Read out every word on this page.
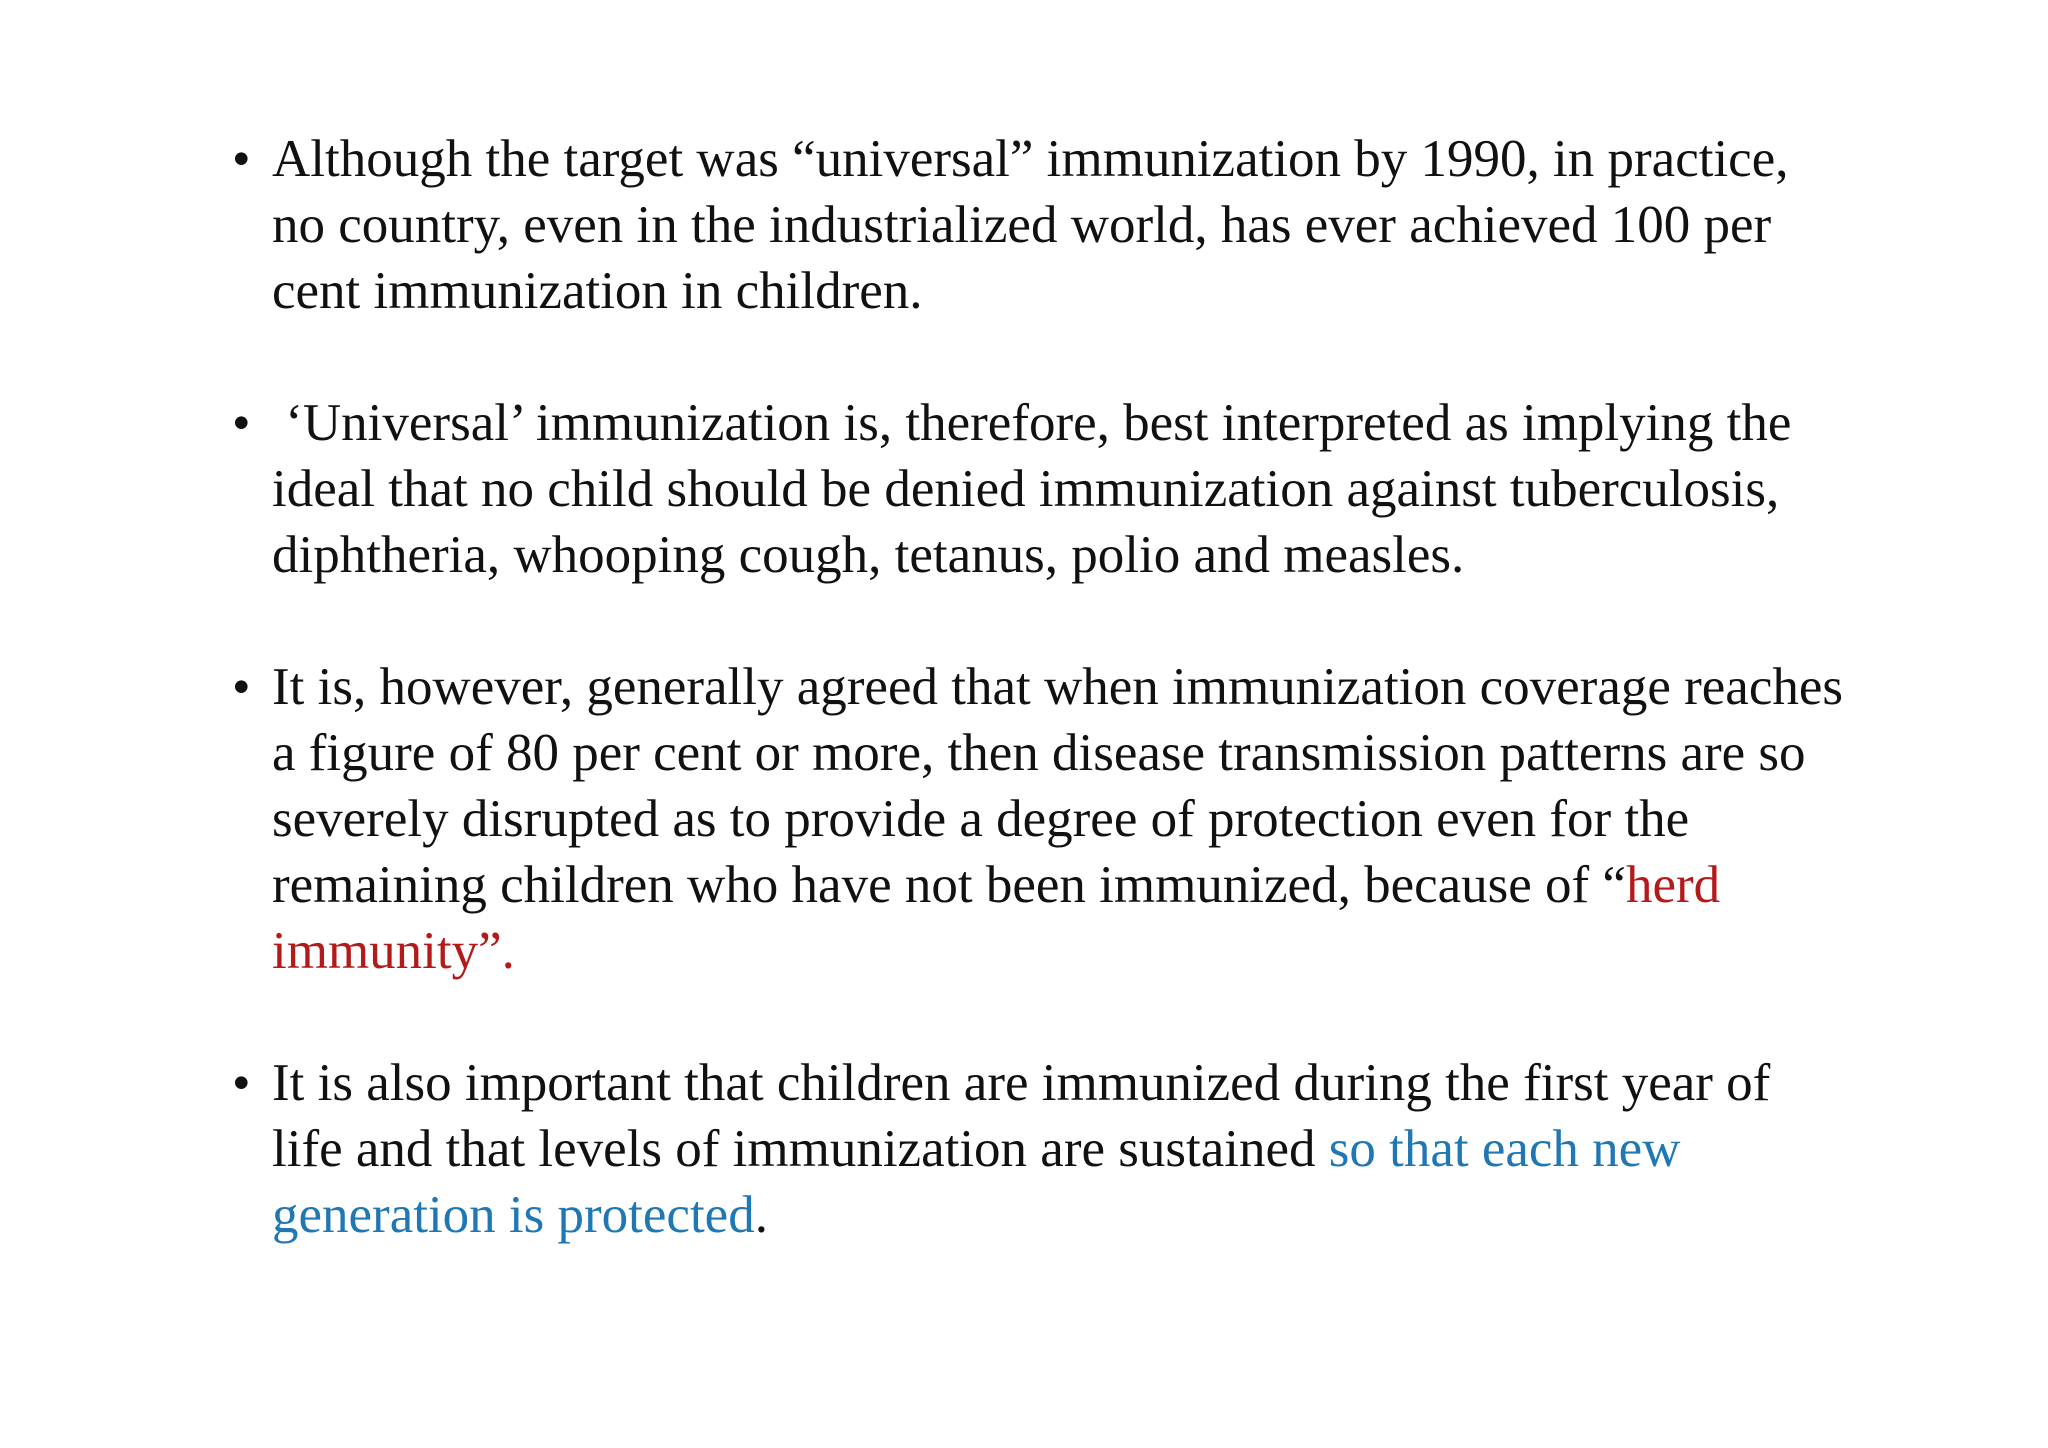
• Although the target was “universal” immunization by 1990, in practice, no country, even in the industrialized world, has ever achieved 100 per cent immunization in children.
• ‘Universal’ immunization is, therefore, best interpreted as implying the ideal that no child should be denied immunization against tuberculosis, diphtheria, whooping cough, tetanus, polio and measles.
• It is, however, generally agreed that when immunization coverage reaches a figure of 80 per cent or more, then disease transmission patterns are so severely disrupted as to provide a degree of protection even for the remaining children who have not been immunized, because of “herd immunity”.
• It is also important that children are immunized during the first year of life and that levels of immunization are sustained so that each new generation is protected.
